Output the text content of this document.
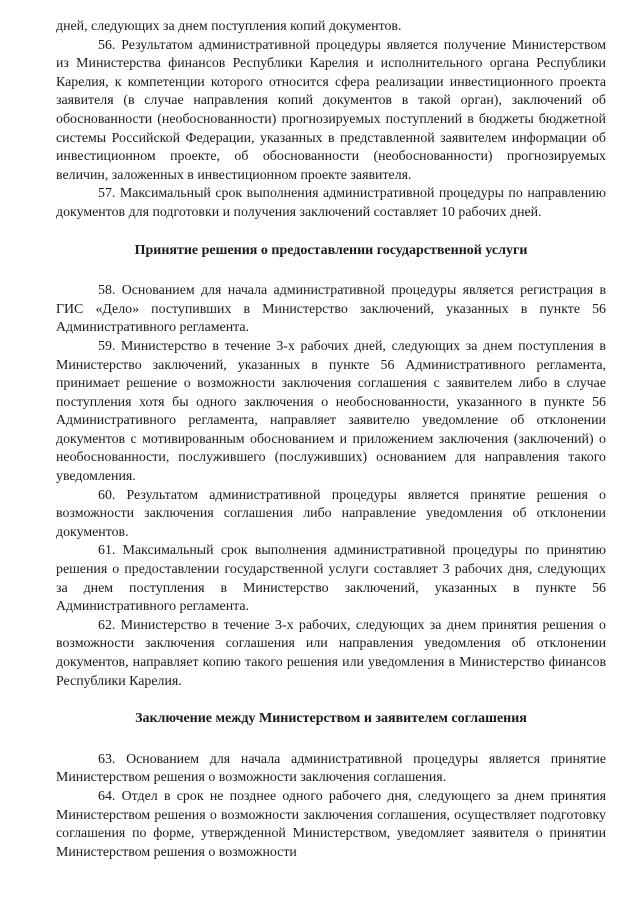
дней, следующих за днем поступления копий документов.

56. Результатом административной процедуры является получение Министерством из Министерства финансов Республики Карелия и исполнительного органа Республики Карелия, к компетенции которого относится сфера реализации инвестиционного проекта заявителя (в случае направления копий документов в такой орган), заключений об обоснованности (необоснованности) прогнозируемых поступлений в бюджеты бюджетной системы Российской Федерации, указанных в представленной заявителем информации об инвестиционном проекте, об обоснованности (необоснованности) прогнозируемых величин, заложенных в инвестиционном проекте заявителя.

57. Максимальный срок выполнения административной процедуры по направлению документов для подготовки и получения заключений составляет 10 рабочих дней.

Принятие решения о предоставлении государственной услуги

58. Основанием для начала административной процедуры является регистрация в ГИС «Дело» поступивших в Министерство заключений, указанных в пункте 56 Административного регламента.

59. Министерство в течение 3-х рабочих дней, следующих за днем поступления в Министерство заключений, указанных в пункте 56 Административного регламента, принимает решение о возможности заключения соглашения с заявителем либо в случае поступления хотя бы одного заключения о необоснованности, указанного в пункте 56 Административного регламента, направляет заявителю уведомление об отклонении документов с мотивированным обоснованием и приложением заключения (заключений) о необоснованности, послужившего (послуживших) основанием для направления такого уведомления.

60. Результатом административной процедуры является принятие решения о возможности заключения соглашения либо направление уведомления об отклонении документов.

61. Максимальный срок выполнения административной процедуры по принятию решения о предоставлении государственной услуги составляет 3 рабочих дня, следующих за днем поступления в Министерство заключений, указанных в пункте 56 Административного регламента.

62. Министерство в течение 3-х рабочих, следующих за днем принятия решения о возможности заключения соглашения или направления уведомления об отклонении документов, направляет копию такого решения или уведомления в Министерство финансов Республики Карелия.

Заключение между Министерством и заявителем соглашения

63. Основанием для начала административной процедуры является принятие Министерством решения о возможности заключения соглашения.

64. Отдел в срок не позднее одного рабочего дня, следующего за днем принятия Министерством решения о возможности заключения соглашения, осуществляет подготовку соглашения по форме, утвержденной Министерством, уведомляет заявителя о принятии Министерством решения о возможности
